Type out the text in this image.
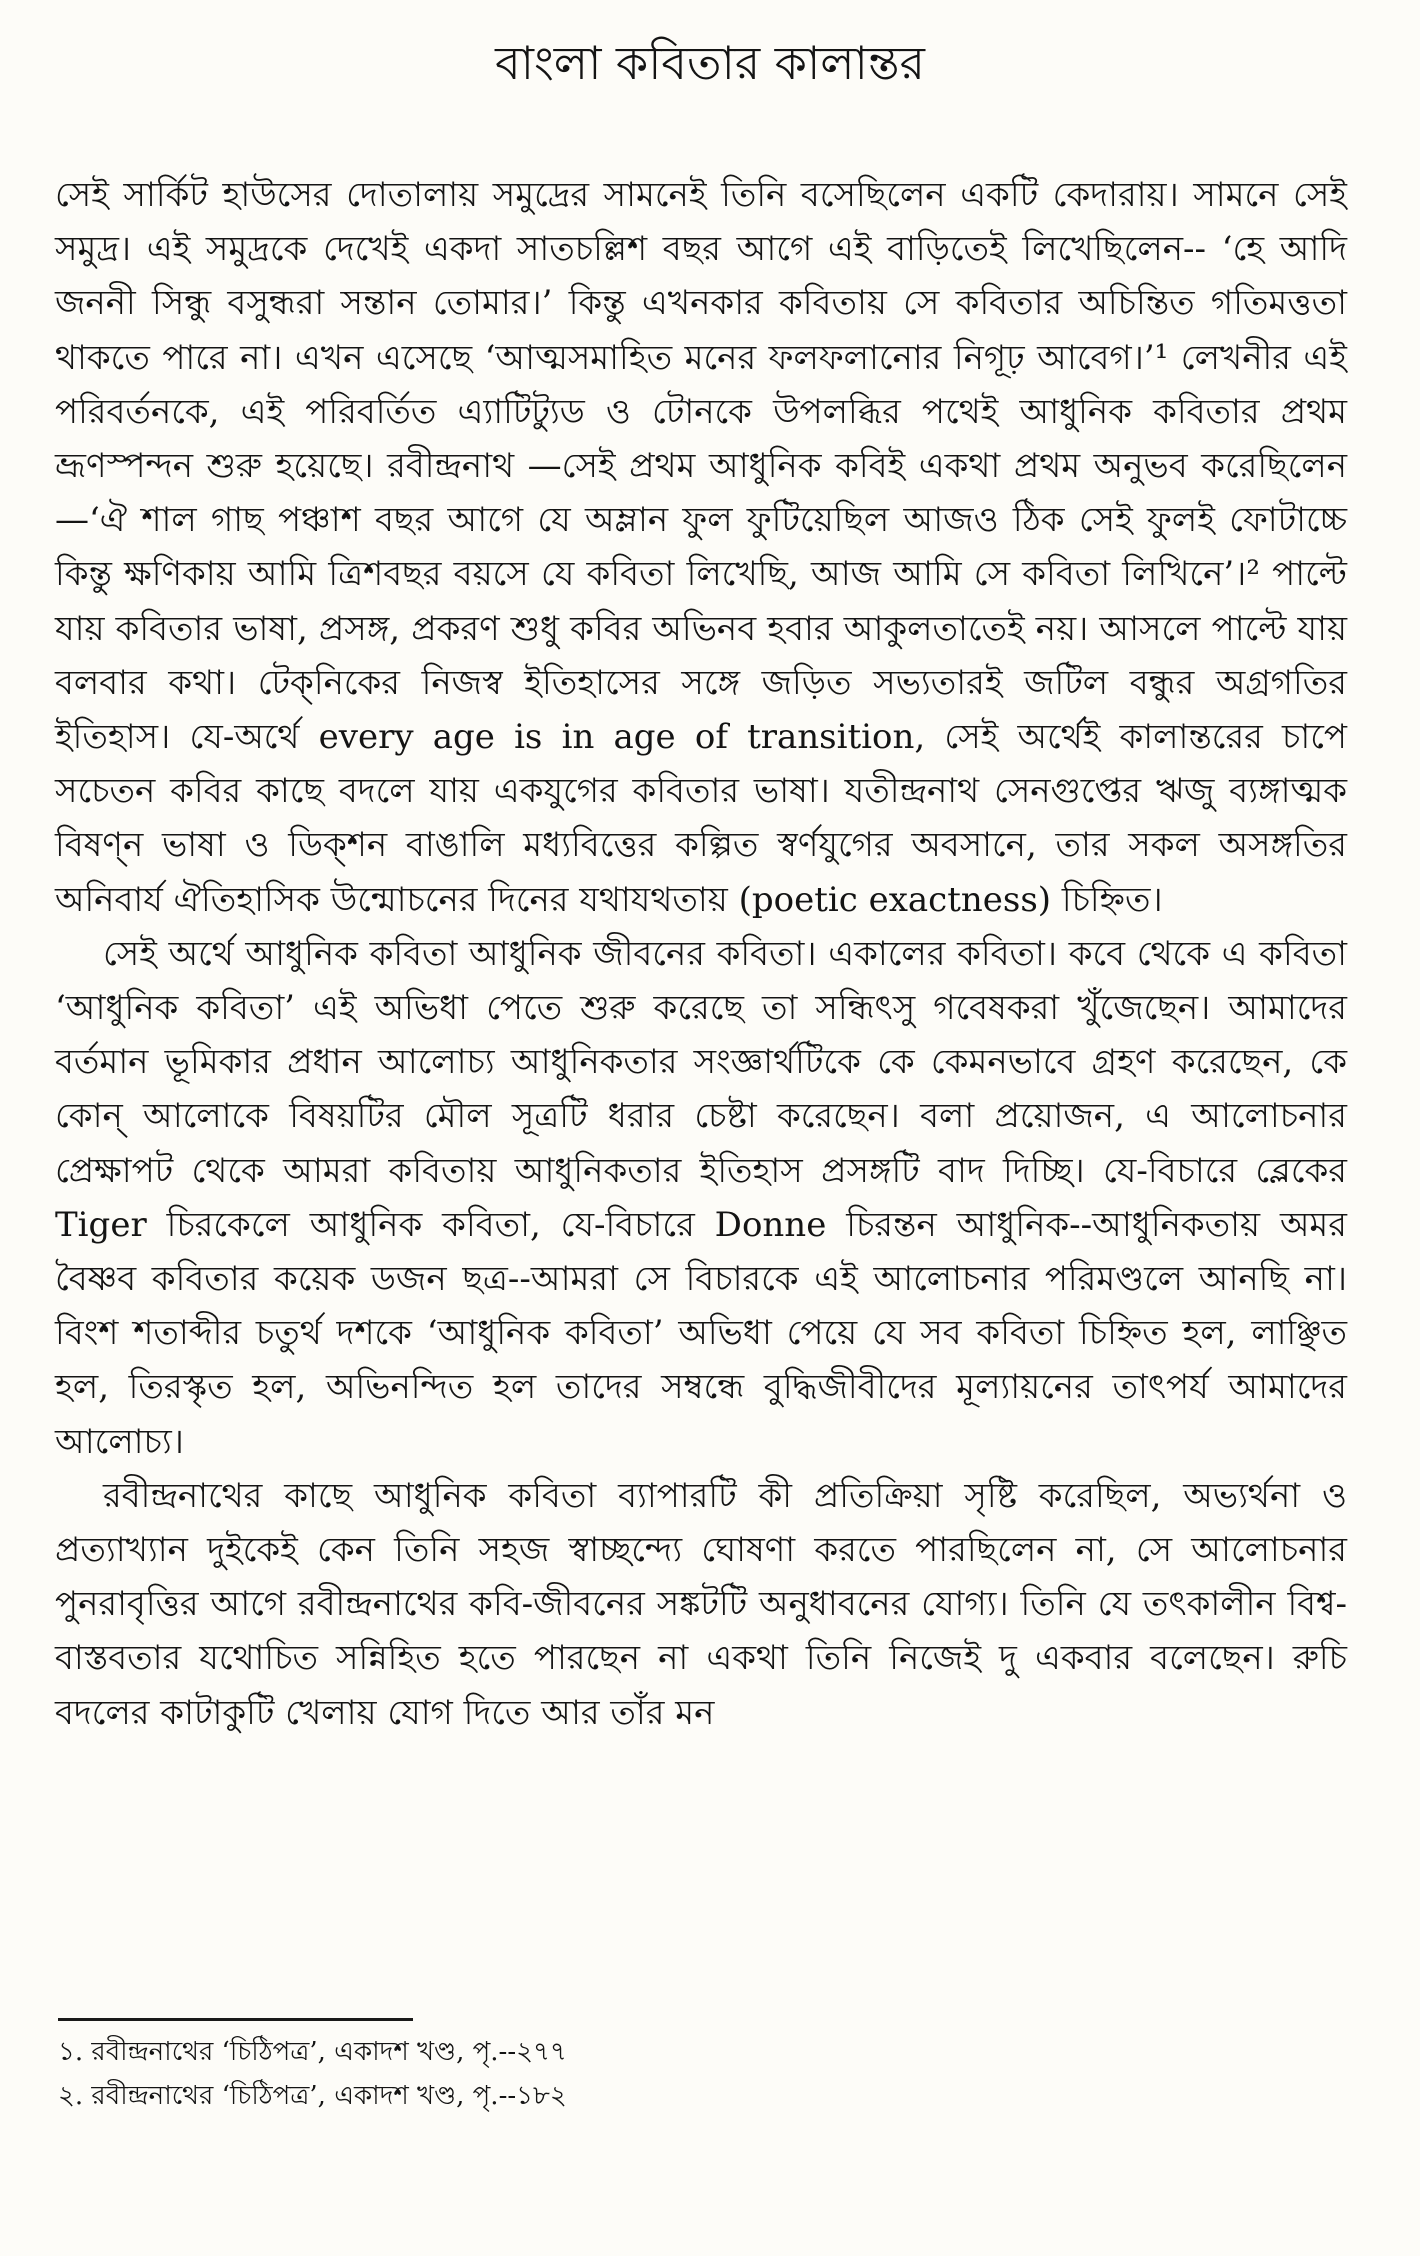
বাংলা কবিতার কালান্তর

সেই সার্কিট হাউসের দোতালায় সমুদ্রের সামনেই তিনি বসেছিলেন একটি কেদারায়। সামনে সেই সমুদ্র। এই সমুদ্রকে দেখেই একদা সাতচল্লিশ বছর আগে এই বাড়িতেই লিখেছিলেন-- ‘হে আদি জননী সিন্ধু বসুন্ধরা সন্তান তোমার।’ কিন্তু এখনকার কবিতায় সে কবিতার অচিন্তিত গতিমত্ততা থাকতে পারে না। এখন এসেছে ‘আত্মসমাহিত মনের ফলফলানোর নিগূঢ় আবেগ।’¹ লেখনীর এই পরিবর্তনকে, এই পরিবর্তিত এ্যাটিট্যুড ও টোনকে উপলব্ধির পথেই আধুনিক কবিতার প্রথম ভ্রূণস্পন্দন শুরু হয়েছে। রবীন্দ্রনাথ —সেই প্রথম আধুনিক কবিই একথা প্রথম অনুভব করেছিলেন—‘ঐ শাল গাছ পঞ্চাশ বছর আগে যে অম্লান ফুল ফুটিয়েছিল আজও ঠিক সেই ফুলই ফোটাচ্চে কিন্তু ক্ষণিকায় আমি ত্রিশবছর বয়সে যে কবিতা লিখেছি, আজ আমি সে কবিতা লিখিনে’।² পাল্টে যায় কবিতার ভাষা, প্রসঙ্গ, প্রকরণ শুধু কবির অভিনব হবার আকুলতাতেই নয়। আসলে পাল্টে যায় বলবার কথা। টেক্‌নিকের নিজস্ব ইতিহাসের সঙ্গে জড়িত সভ্যতারই জটিল বন্ধুর অগ্রগতির ইতিহাস। যে-অর্থে every age is in age of transition, সেই অর্থেই কালান্তরের চাপে সচেতন কবির কাছে বদলে যায় একযুগের কবিতার ভাষা। যতীন্দ্রনাথ সেনগুপ্তের ঋজু ব্যঙ্গাত্মক বিষণ্ন ভাষা ও ডিক্‌শন বাঙালি মধ্যবিত্তের কল্পিত স্বর্ণযুগের অবসানে, তার সকল অসঙ্গতির অনিবার্য ঐতিহাসিক উন্মোচনের দিনের যথাযথতায় (poetic exactness) চিহ্নিত।

সেই অর্থে আধুনিক কবিতা আধুনিক জীবনের কবিতা। একালের কবিতা। কবে থেকে এ কবিতা ‘আধুনিক কবিতা’ এই অভিধা পেতে শুরু করেছে তা সন্ধিৎসু গবেষকরা খুঁজেছেন। আমাদের বর্তমান ভূমিকার প্রধান আলোচ্য আধুনিকতার সংজ্ঞার্থটিকে কে কেমনভাবে গ্রহণ করেছেন, কে কোন্‌ আলোকে বিষয়টির মৌল সূত্রটি ধরার চেষ্টা করেছেন। বলা প্রয়োজন, এ আলোচনার প্রেক্ষাপট থেকে আমরা কবিতায় আধুনিকতার ইতিহাস প্রসঙ্গটি বাদ দিচ্ছি। যে-বিচারে ব্লেকের Tiger চিরকেলে আধুনিক কবিতা, যে-বিচারে Donne চিরন্তন আধুনিক--আধুনিকতায় অমর বৈষ্ণব কবিতার কয়েক ডজন ছত্র--আমরা সে বিচারকে এই আলোচনার পরিমণ্ডলে আনছি না। বিংশ শতাব্দীর চতুর্থ দশকে ‘আধুনিক কবিতা’ অভিধা পেয়ে যে সব কবিতা চিহ্নিত হল, লাঞ্ছিত হল, তিরস্কৃত হল, অভিনন্দিত হল তাদের সম্বন্ধে বুদ্ধিজীবীদের মূল্যায়নের তাৎপর্য আমাদের আলোচ্য।

রবীন্দ্রনাথের কাছে আধুনিক কবিতা ব্যাপারটি কী প্রতিক্রিয়া সৃষ্টি করেছিল, অভ্যর্থনা ও প্রত্যাখ্যান দুইকেই কেন তিনি সহজ স্বাচ্ছন্দ্যে ঘোষণা করতে পারছিলেন না, সে আলোচনার পুনরাবৃত্তির আগে রবীন্দ্রনাথের কবি-জীবনের সঙ্কটটি অনুধাবনের যোগ্য। তিনি যে তৎকালীন বিশ্ব-বাস্তবতার যথোচিত সন্নিহিত হতে পারছেন না একথা তিনি নিজেই দু একবার বলেছেন। রুচি বদলের কাটাকুটি খেলায় যোগ দিতে আর তাঁর মন

১. রবীন্দ্রনাথের ‘চিঠিপত্র’, একাদশ খণ্ড, পৃ.--২৭৭
২. রবীন্দ্রনাথের ‘চিঠিপত্র’, একাদশ খণ্ড, পৃ.--১৮২
